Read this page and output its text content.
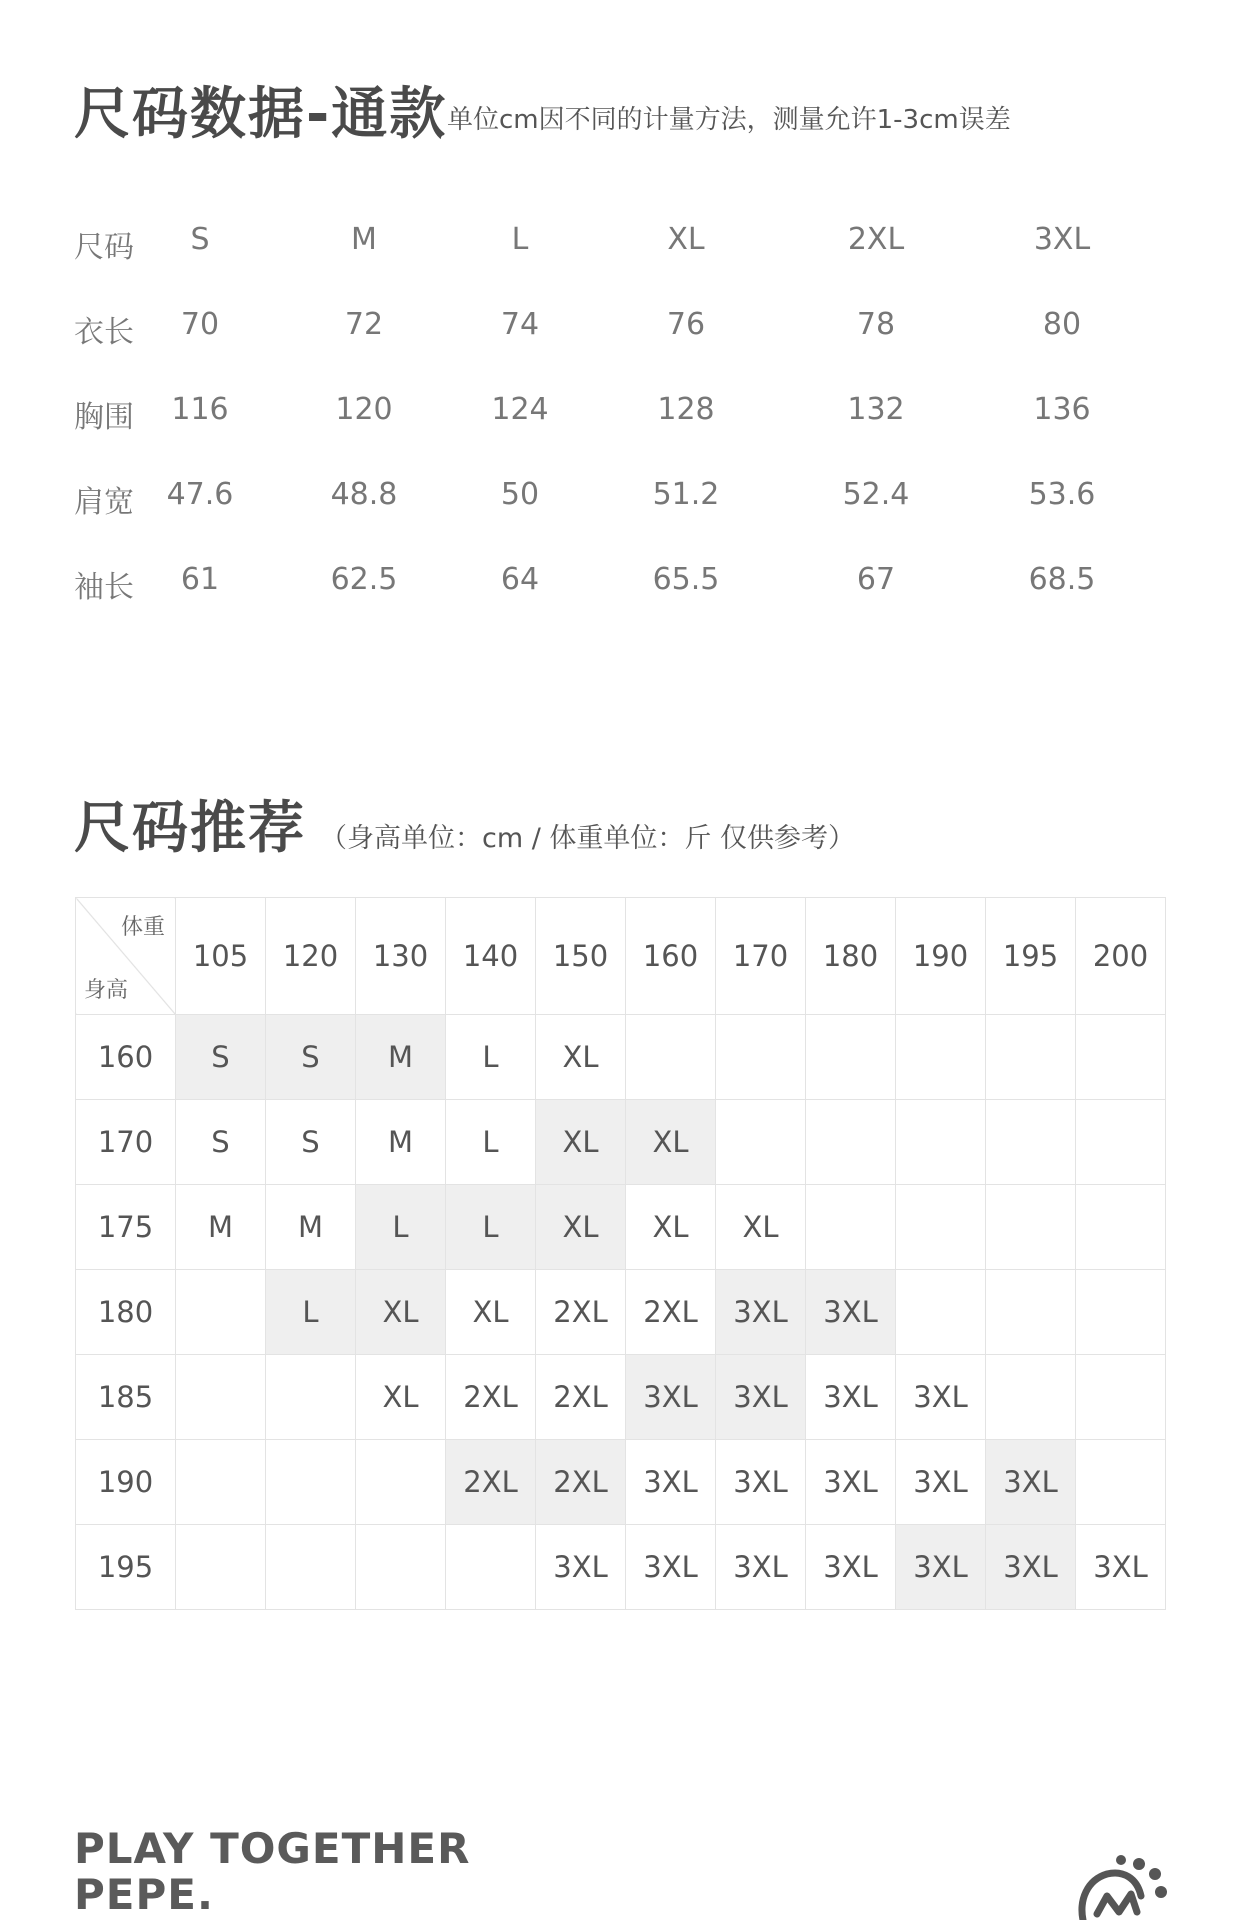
尺码数据-通款 单位cm因不同的计量方法，测量允许1-3cm误差
尺码	S	M	L	XL	2XL	3XL
衣长	70	72	74	76	78	80
胸围	116	120	124	128	132	136
肩宽	47.6	48.8	50	51.2	52.4	53.6
袖长	61	62.5	64	65.5	67	68.5
尺码推荐 （身高单位：cm / 体重单位：斤 仅供参考）
体重
身高	105	120	130	140	150	160	170	180	190	195	200
160	S	S	M	L	XL						
170	S	S	M	L	XL	XL					
175	M	M	L	L	XL	XL	XL				
180		L	XL	XL	2XL	2XL	3XL	3XL			
185			XL	2XL	2XL	3XL	3XL	3XL	3XL		
190				2XL	2XL	3XL	3XL	3XL	3XL	3XL	
195					3XL	3XL	3XL	3XL	3XL	3XL	3XL
PLAY TOGETHER
PEPE.
